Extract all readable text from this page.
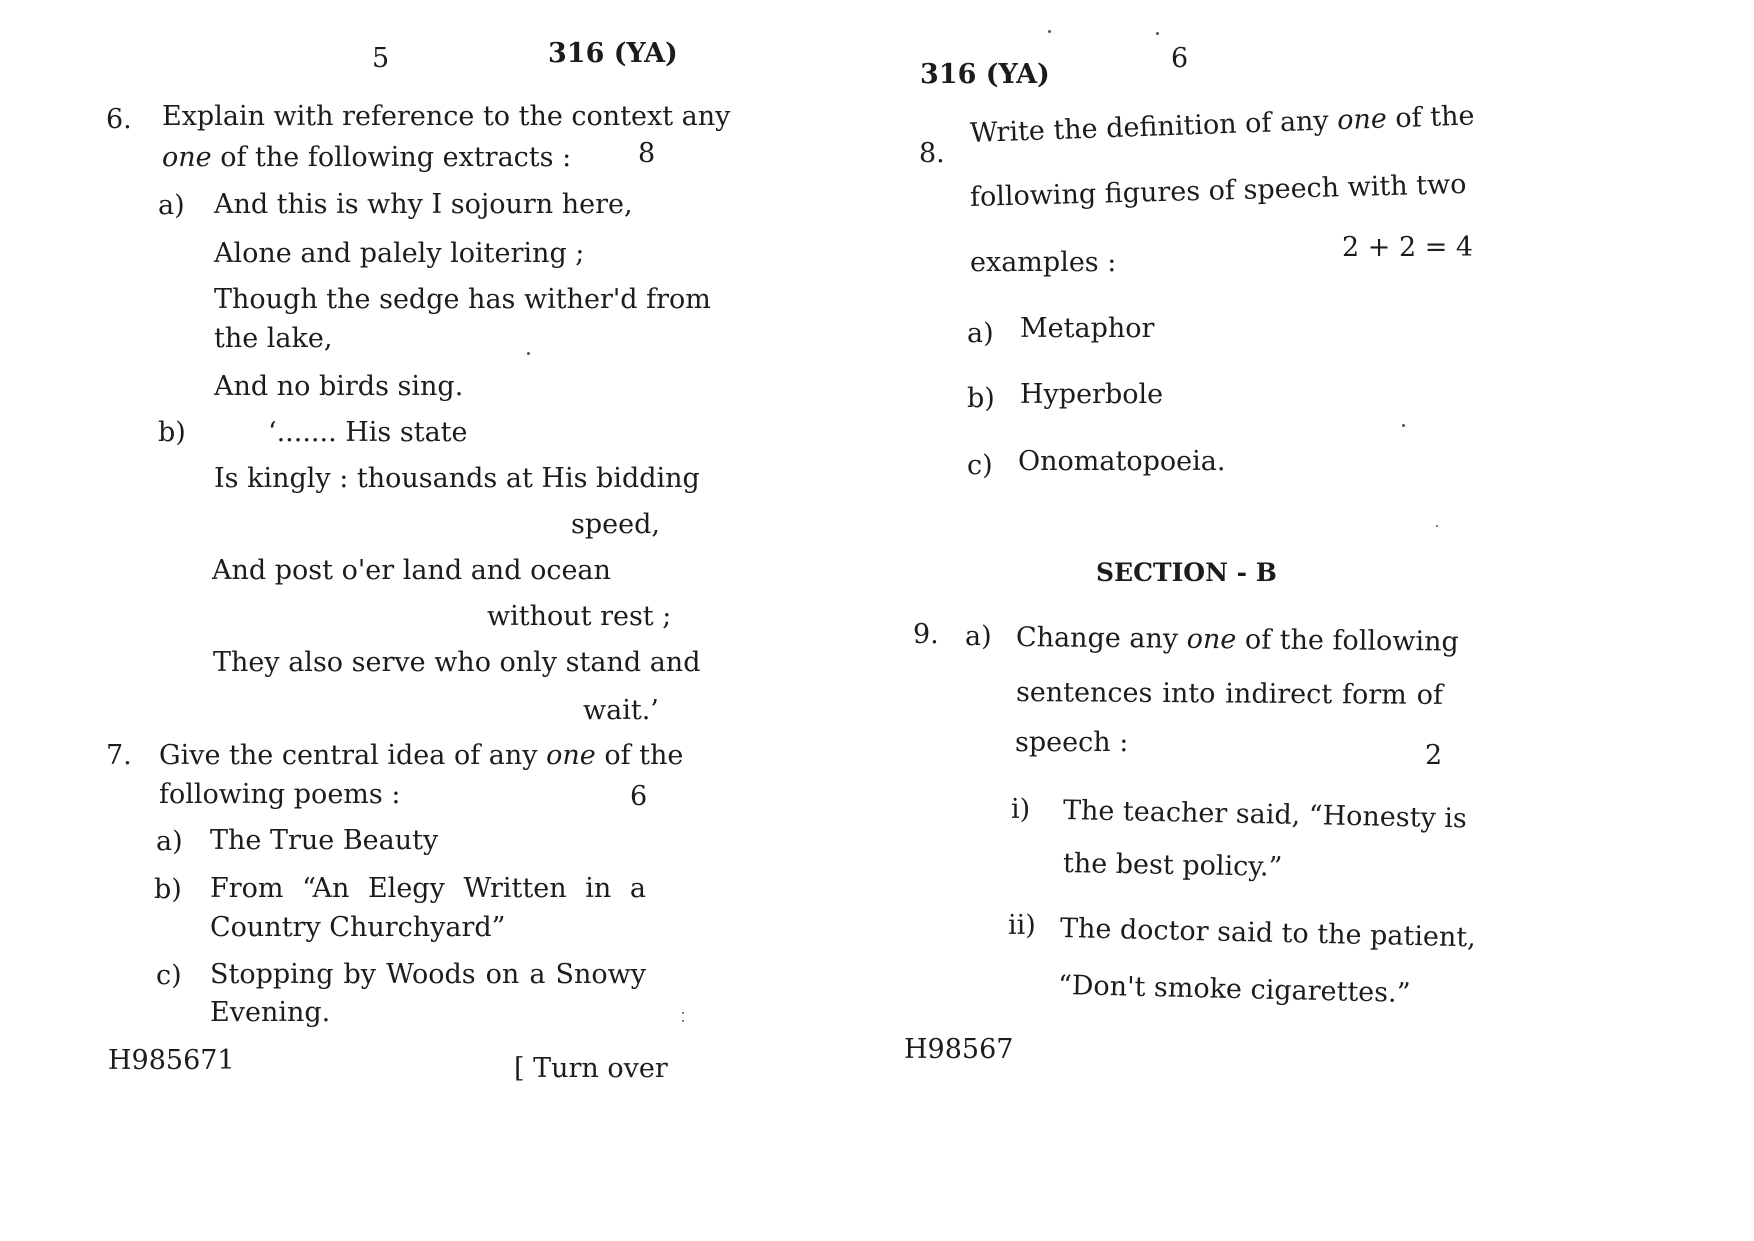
5	316 (YA)
6. Explain with reference to the context any
one of the following extracts : 8
a) And this is why I sojourn here,
Alone and palely loitering ;
Though the sedge has wither'd from
the lake,
And no birds sing.
b)	‘....... His state
Is kingly : thousands at His bidding
speed,
And post o'er land and ocean
without rest ;
They also serve who only stand and
wait.’
7. Give the central idea of any one of the
following poems :	6
a) The True Beauty
b) From “An Elegy Written in a
Country Churchyard”
c) Stopping by Woods on a Snowy
Evening.
H985671	[ Turn over
316 (YA)
6
8.
Write the definition of any one of the
following figures of speech with two
examples :	2 + 2 = 4
a) Metaphor
b) Hyperbole
c) Onomatopoeia.
SECTION - B
9. a) Change any one of the following
sentences into indirect form of
speech :	2
i) The teacher said, “Honesty is
the best policy.”
ii) The doctor said to the patient,
“Don't smoke cigarettes.”
H98567
